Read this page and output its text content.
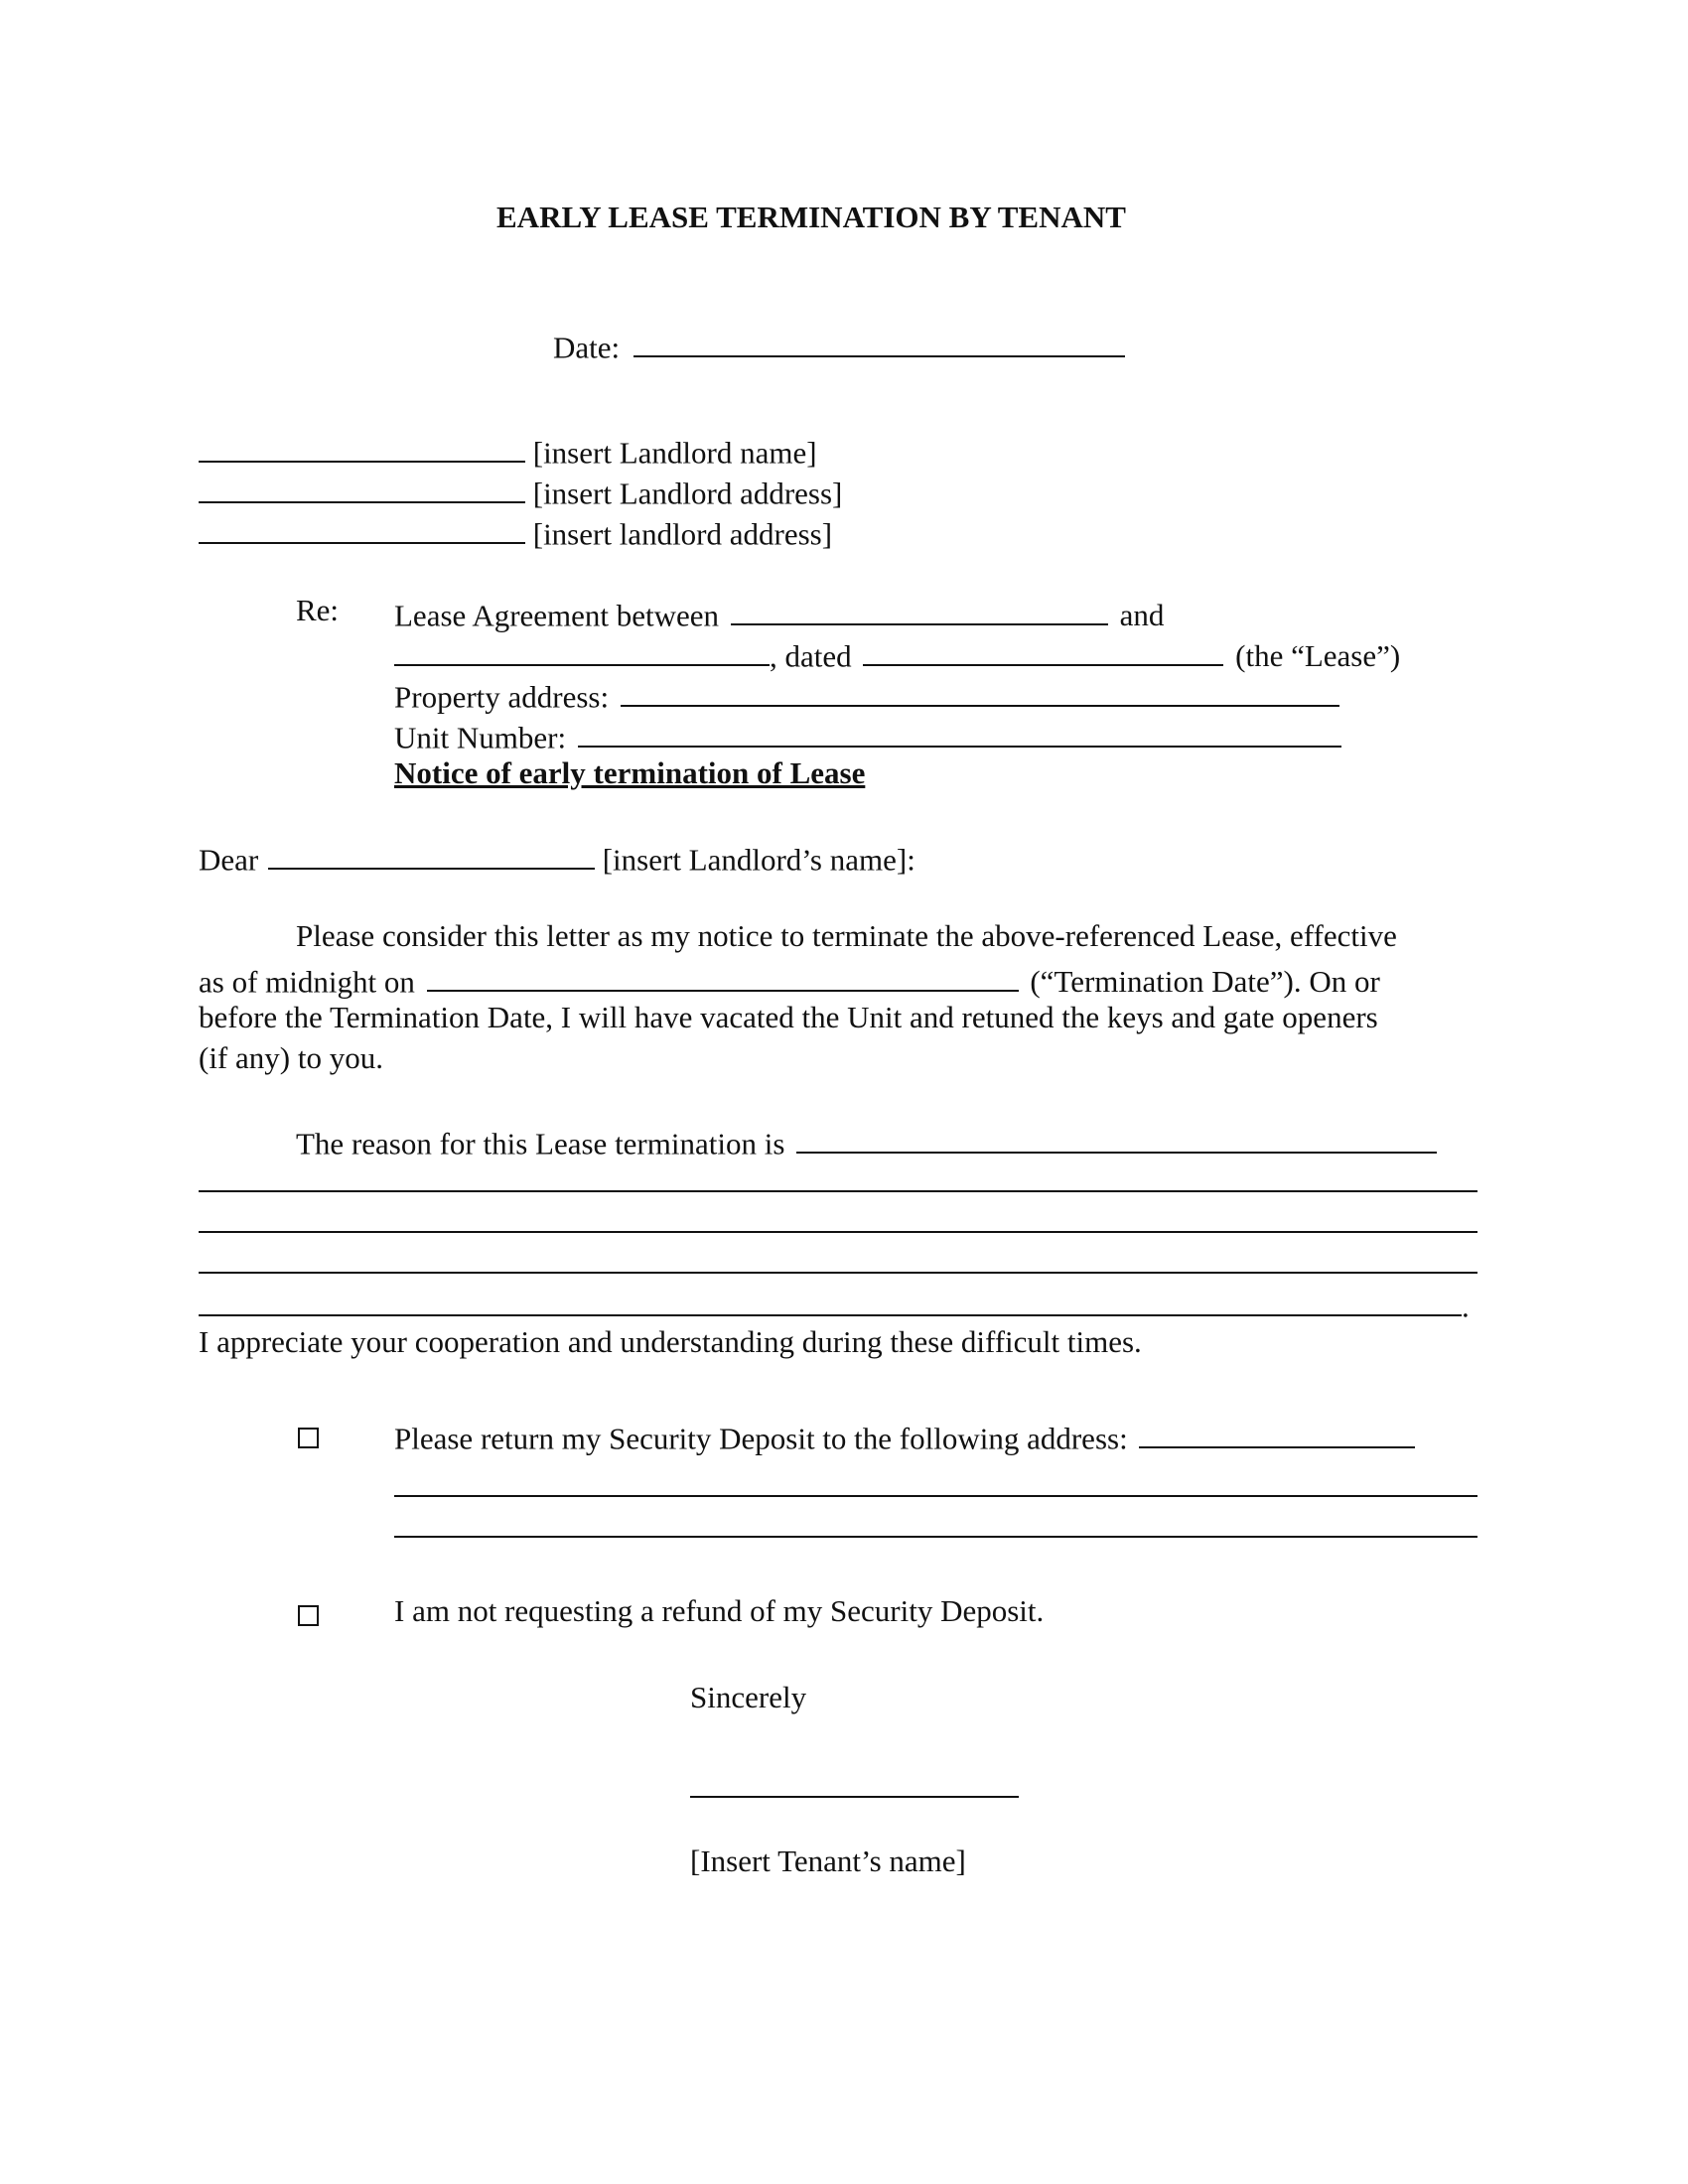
EARLY LEASE TERMINATION BY TENANT
Date:
[insert Landlord name]
[insert Landlord address]
[insert landlord address]
Re: Lease Agreement between	and
, dated	(the “Lease”)
Property address:
Unit Number:
Notice of early termination of Lease
Dear	[insert Landlord’s name]:
Please consider this letter as my notice to terminate the above-referenced Lease, effective
as of midnight on	(“Termination Date”). On or
before the Termination Date, I will have vacated the Unit and retuned the keys and gate openers
(if any) to you.
The reason for this Lease termination is
.
I appreciate your cooperation and understanding during these difficult times.
Please return my Security Deposit to the following address:
I am not requesting a refund of my Security Deposit.
Sincerely
[Insert Tenant’s name]
